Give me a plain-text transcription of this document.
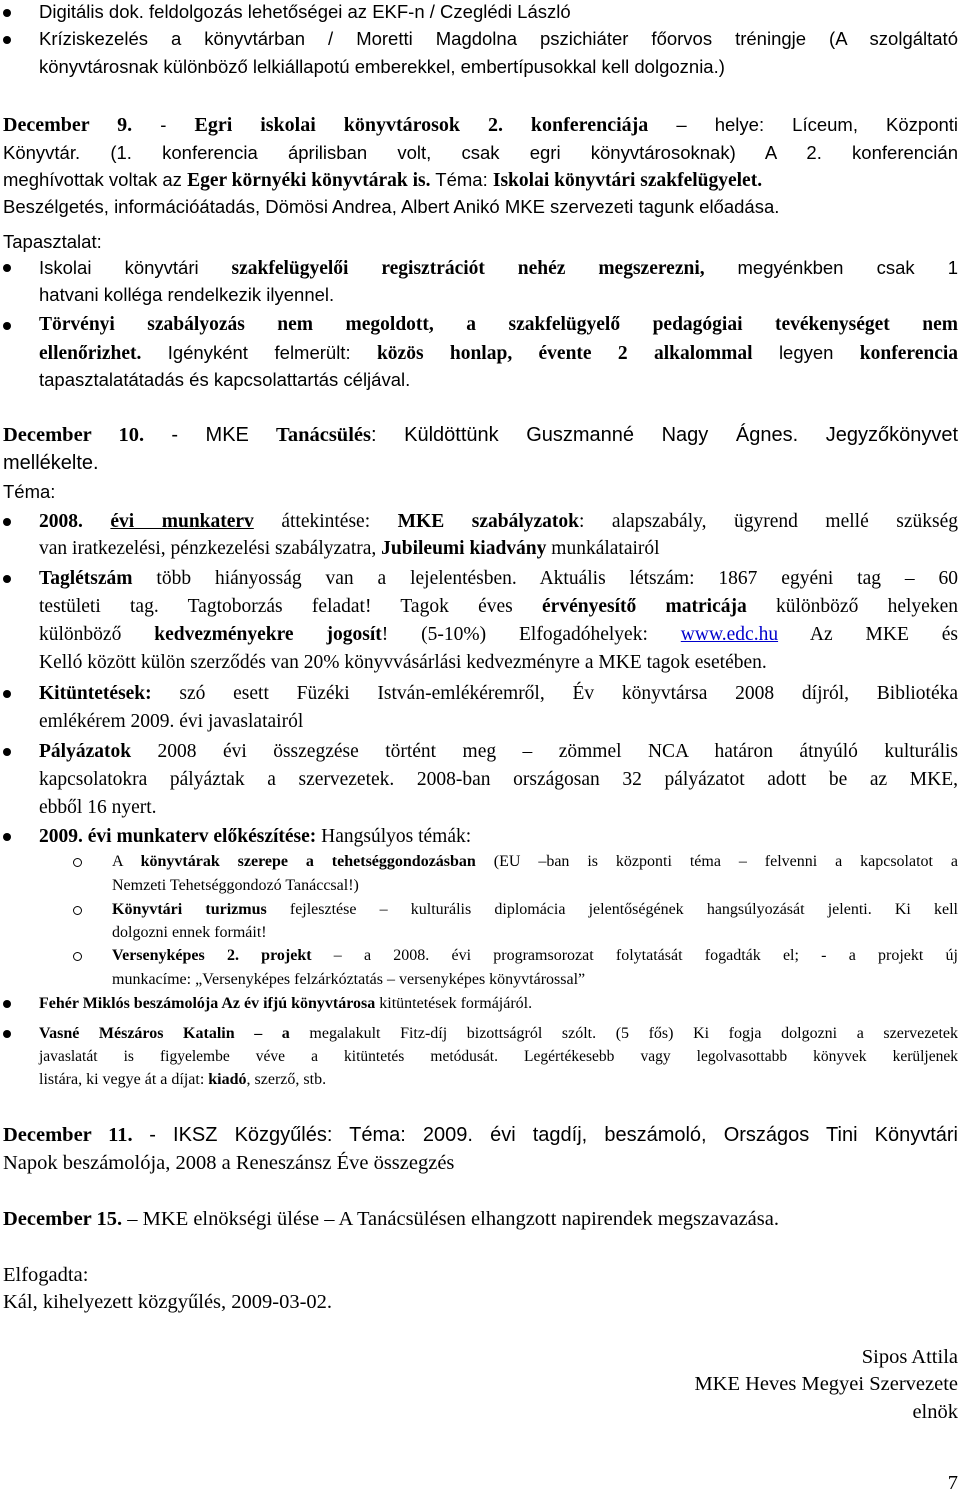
Digitális dok. feldolgozás lehetőségei az EKF-n / Czeglédi László
Kríziskezelés a könyvtárban / Moretti Magdolna pszichiáter főorvos tréningje (A szolgáltató
könyvtárosnak különböző lelkiállapotú emberekkel, embertípusokkal kell dolgoznia.)
December 9. - Egri iskolai könyvtárosok 2. konferenciája – helye: Líceum, Központi
Könyvtár. (1. konferencia áprilisban volt, csak egri könyvtárosoknak) A 2. konferencián
meghívottak voltak az Eger környéki könyvtárak is. Téma: Iskolai könyvtári szakfelügyelet.
Beszélgetés, információátadás, Dömösi Andrea, Albert Anikó MKE szervezeti tagunk előadása.
Tapasztalat:
Iskolai könyvtári szakfelügyelői regisztrációt nehéz megszerezni, megyénkben csak 1
hatvani kolléga rendelkezik ilyennel.
Törvényi szabályozás nem megoldott, a szakfelügyelő pedagógiai tevékenységet nem
ellenőrizhet. Igényként felmerült: közös honlap, évente 2 alkalommal legyen konferencia
tapasztalatátadás és kapcsolattartás céljával.
December 10. - MKE Tanácsülés: Küldöttünk Guszmanné Nagy Ágnes. Jegyzőkönyvet
mellékelte.
Téma:
2008. évi munkaterv áttekintése: MKE szabályzatok: alapszabály, ügyrend mellé szükség
van iratkezelési, pénzkezelési szabályzatra, Jubileumi kiadvány munkálatairól
Taglétszám több hiányosság van a lejelentésben. Aktuális létszám: 1867 egyéni tag – 60
testületi tag. Tagtoborzás feladat! Tagok éves érvényesítő matricája különböző helyeken
különböző kedvezményekre jogosít! (5-10%) Elfogadóhelyek: www.edc.hu Az MKE és
Kelló között külön szerződés van 20% könyvvásárlási kedvezményre a MKE tagok esetében.
Kitüntetések: szó esett Füzéki István-emlékéremről, Év könyvtársa 2008 díjról, Bibliotéka
emlékérem 2009. évi javaslatairól
Pályázatok 2008 évi összegzése történt meg – zömmel NCA határon átnyúló kulturális
kapcsolatokra pályáztak a szervezetek. 2008-ban országosan 32 pályázatot adott be az MKE,
ebből 16 nyert.
2009. évi munkaterv előkészítése: Hangsúlyos témák:
A könyvtárak szerepe a tehetséggondozásban (EU –ban is központi téma – felvenni a kapcsolatot a
Nemzeti Tehetséggondozó Tanáccsal!)
Könyvtári turizmus fejlesztése – kulturális diplomácia jelentőségének hangsúlyozását jelenti. Ki kell
dolgozni ennek formáit!
Versenyképes 2. projekt – a 2008. évi programsorozat folytatását fogadták el; - a projekt új
munkacíme: „Versenyképes felzárkóztatás – versenyképes könyvtárossal”
Fehér Miklós beszámolója Az év ifjú könyvtárosa kitüntetések formájáról.
Vasné Mészáros Katalin – a megalakult Fitz-díj bizottságról szólt. (5 fős) Ki fogja dolgozni a szervezetek
javaslatát is figyelembe véve a kitüntetés metódusát. Legértékesebb vagy legolvasottabb könyvek kerüljenek
listára, ki vegye át a díjat: kiadó, szerző, stb.
December 11. - IKSZ Közgyűlés: Téma: 2009. évi tagdíj, beszámoló, Országos Tini Könyvtári
Napok beszámolója, 2008 a Reneszánsz Éve összegzés
December 15. – MKE elnökségi ülése – A Tanácsülésen elhangzott napirendek megszavazása.
Elfogadta:
Kál, kihelyezett közgyűlés, 2009-03-02.
Sipos Attila
MKE Heves Megyei Szervezete
elnök
7
